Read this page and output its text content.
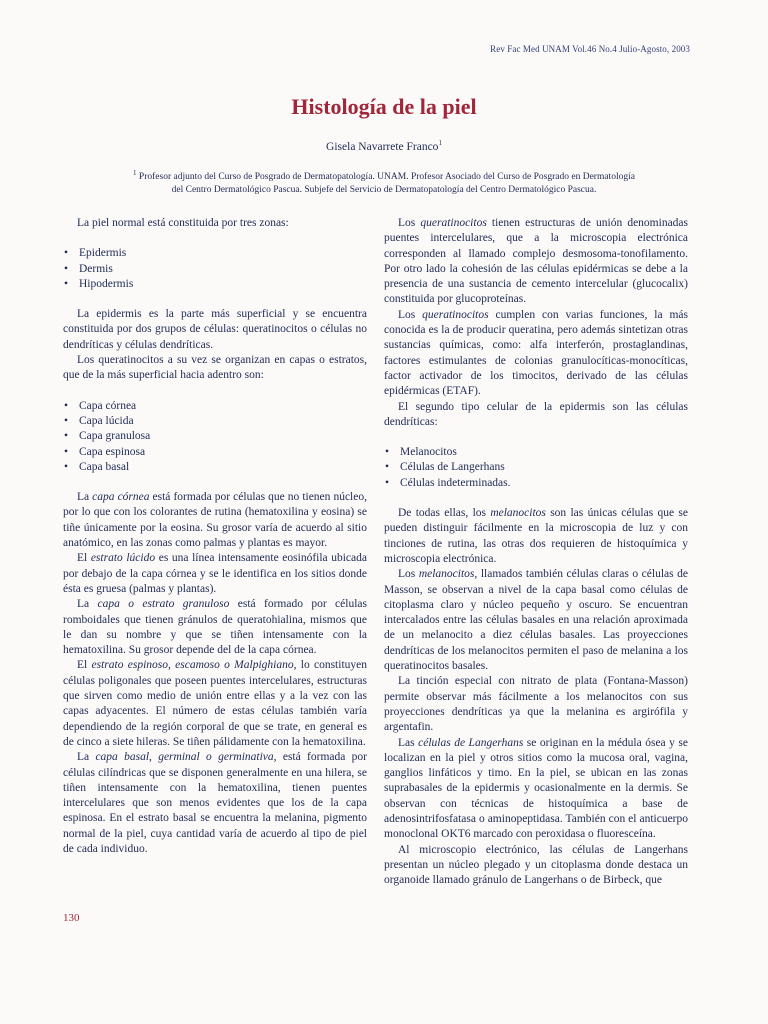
Rev Fac Med UNAM Vol.46 No.4 Julio-Agosto, 2003
Histología de la piel
Gisela Navarrete Franco$^1$
$^1$ Profesor adjunto del Curso de Posgrado de Dermatopatología. UNAM. Profesor Asociado del Curso de Posgrado en Dermatología
del Centro Dermatológico Pascua. Subjefe del Servicio de Dermatopatología del Centro Dermatológico Pascua.

La piel normal está constituida por tres zonas:

• Epidermis
• Dermis
• Hipodermis

La epidermis es la parte más superficial y se encuentra constituida por dos grupos de células: queratinocitos o células no dendríticas y células dendríticas.

Los queratinocitos a su vez se organizan en capas o estratos, que de la más superficial hacia adentro son:

• Capa córnea
• Capa lúcida
• Capa granulosa
• Capa espinosa
• Capa basal

La capa córnea está formada por células que no tienen núcleo, por lo que con los colorantes de rutina (hematoxilina y eosina) se tiñe únicamente por la eosina. Su grosor varía de acuerdo al sitio anatómico, en las zonas como palmas y plantas es mayor.

El estrato lúcido es una línea intensamente eosinófila ubicada por debajo de la capa córnea y se le identifica en los sitios donde ésta es gruesa (palmas y plantas).

La capa o estrato granuloso está formado por células romboidales que tienen gránulos de queratohialina, mismos que le dan su nombre y que se tiñen intensamente con la hematoxilina. Su grosor depende del de la capa córnea.

El estrato espinoso, escamoso o Malpighiano, lo constituyen células poligonales que poseen puentes intercelulares, estructuras que sirven como medio de unión entre ellas y a la vez con las capas adyacentes. El número de estas células también varía dependiendo de la región corporal de que se trate, en general es de cinco a siete hileras. Se tiñen pálidamente con la hematoxilina.

La capa basal, germinal o germinativa, está formada por células cilíndricas que se disponen generalmente en una hilera, se tiñen intensamente con la hematoxilina, tienen puentes intercelulares que son menos evidentes que los de la capa espinosa. En el estrato basal se encuentra la melanina, pigmento normal de la piel, cuya cantidad varía de acuerdo al tipo de piel de cada individuo.

Los queratinocitos tienen estructuras de unión denominadas puentes intercelulares, que a la microscopia electrónica corresponden al llamado complejo desmosoma-tonofilamento. Por otro lado la cohesión de las células epidérmicas se debe a la presencia de una sustancia de cemento intercelular (glucocalix) constituida por glucoproteínas.

Los queratinocitos cumplen con varias funciones, la más conocida es la de producir queratina, pero además sintetizan otras sustancias químicas, como: alfa interferón, prostaglandinas, factores estimulantes de colonias granulocíticas-monocíticas, factor activador de los timocitos, derivado de las células epidérmicas (ETAF).

El segundo tipo celular de la epidermis son las células dendríticas:

• Melanocitos
• Células de Langerhans
• Células indeterminadas.

De todas ellas, los melanocitos son las únicas células que se pueden distinguir fácilmente en la microscopia de luz y con tinciones de rutina, las otras dos requieren de histoquímica y microscopia electrónica.

Los melanocitos, llamados también células claras o células de Masson, se observan a nivel de la capa basal como células de citoplasma claro y núcleo pequeño y oscuro. Se encuentran intercalados entre las células basales en una relación aproximada de un melanocito a diez células basales. Las proyecciones dendríticas de los melanocitos permiten el paso de melanina a los queratinocitos basales.

La tinción especial con nitrato de plata (Fontana-Masson) permite observar más fácilmente a los melanocitos con sus proyecciones dendríticas ya que la melanina es argirófila y argentafin.

Las células de Langerhans se originan en la médula ósea y se localizan en la piel y otros sitios como la mucosa oral, vagina, ganglios linfáticos y timo. En la piel, se ubican en las zonas suprabasales de la epidermis y ocasionalmente en la dermis. Se observan con técnicas de histoquímica a base de adenosintrifosfatasa o aminopeptidasa. También con el anticuerpo monoclonal OKT6 marcado con peroxidasa o fluoresceína.

Al microscopio electrónico, las células de Langerhans presentan un núcleo plegado y un citoplasma donde destaca un organoide llamado gránulo de Langerhans o de Birbeck, que

130
